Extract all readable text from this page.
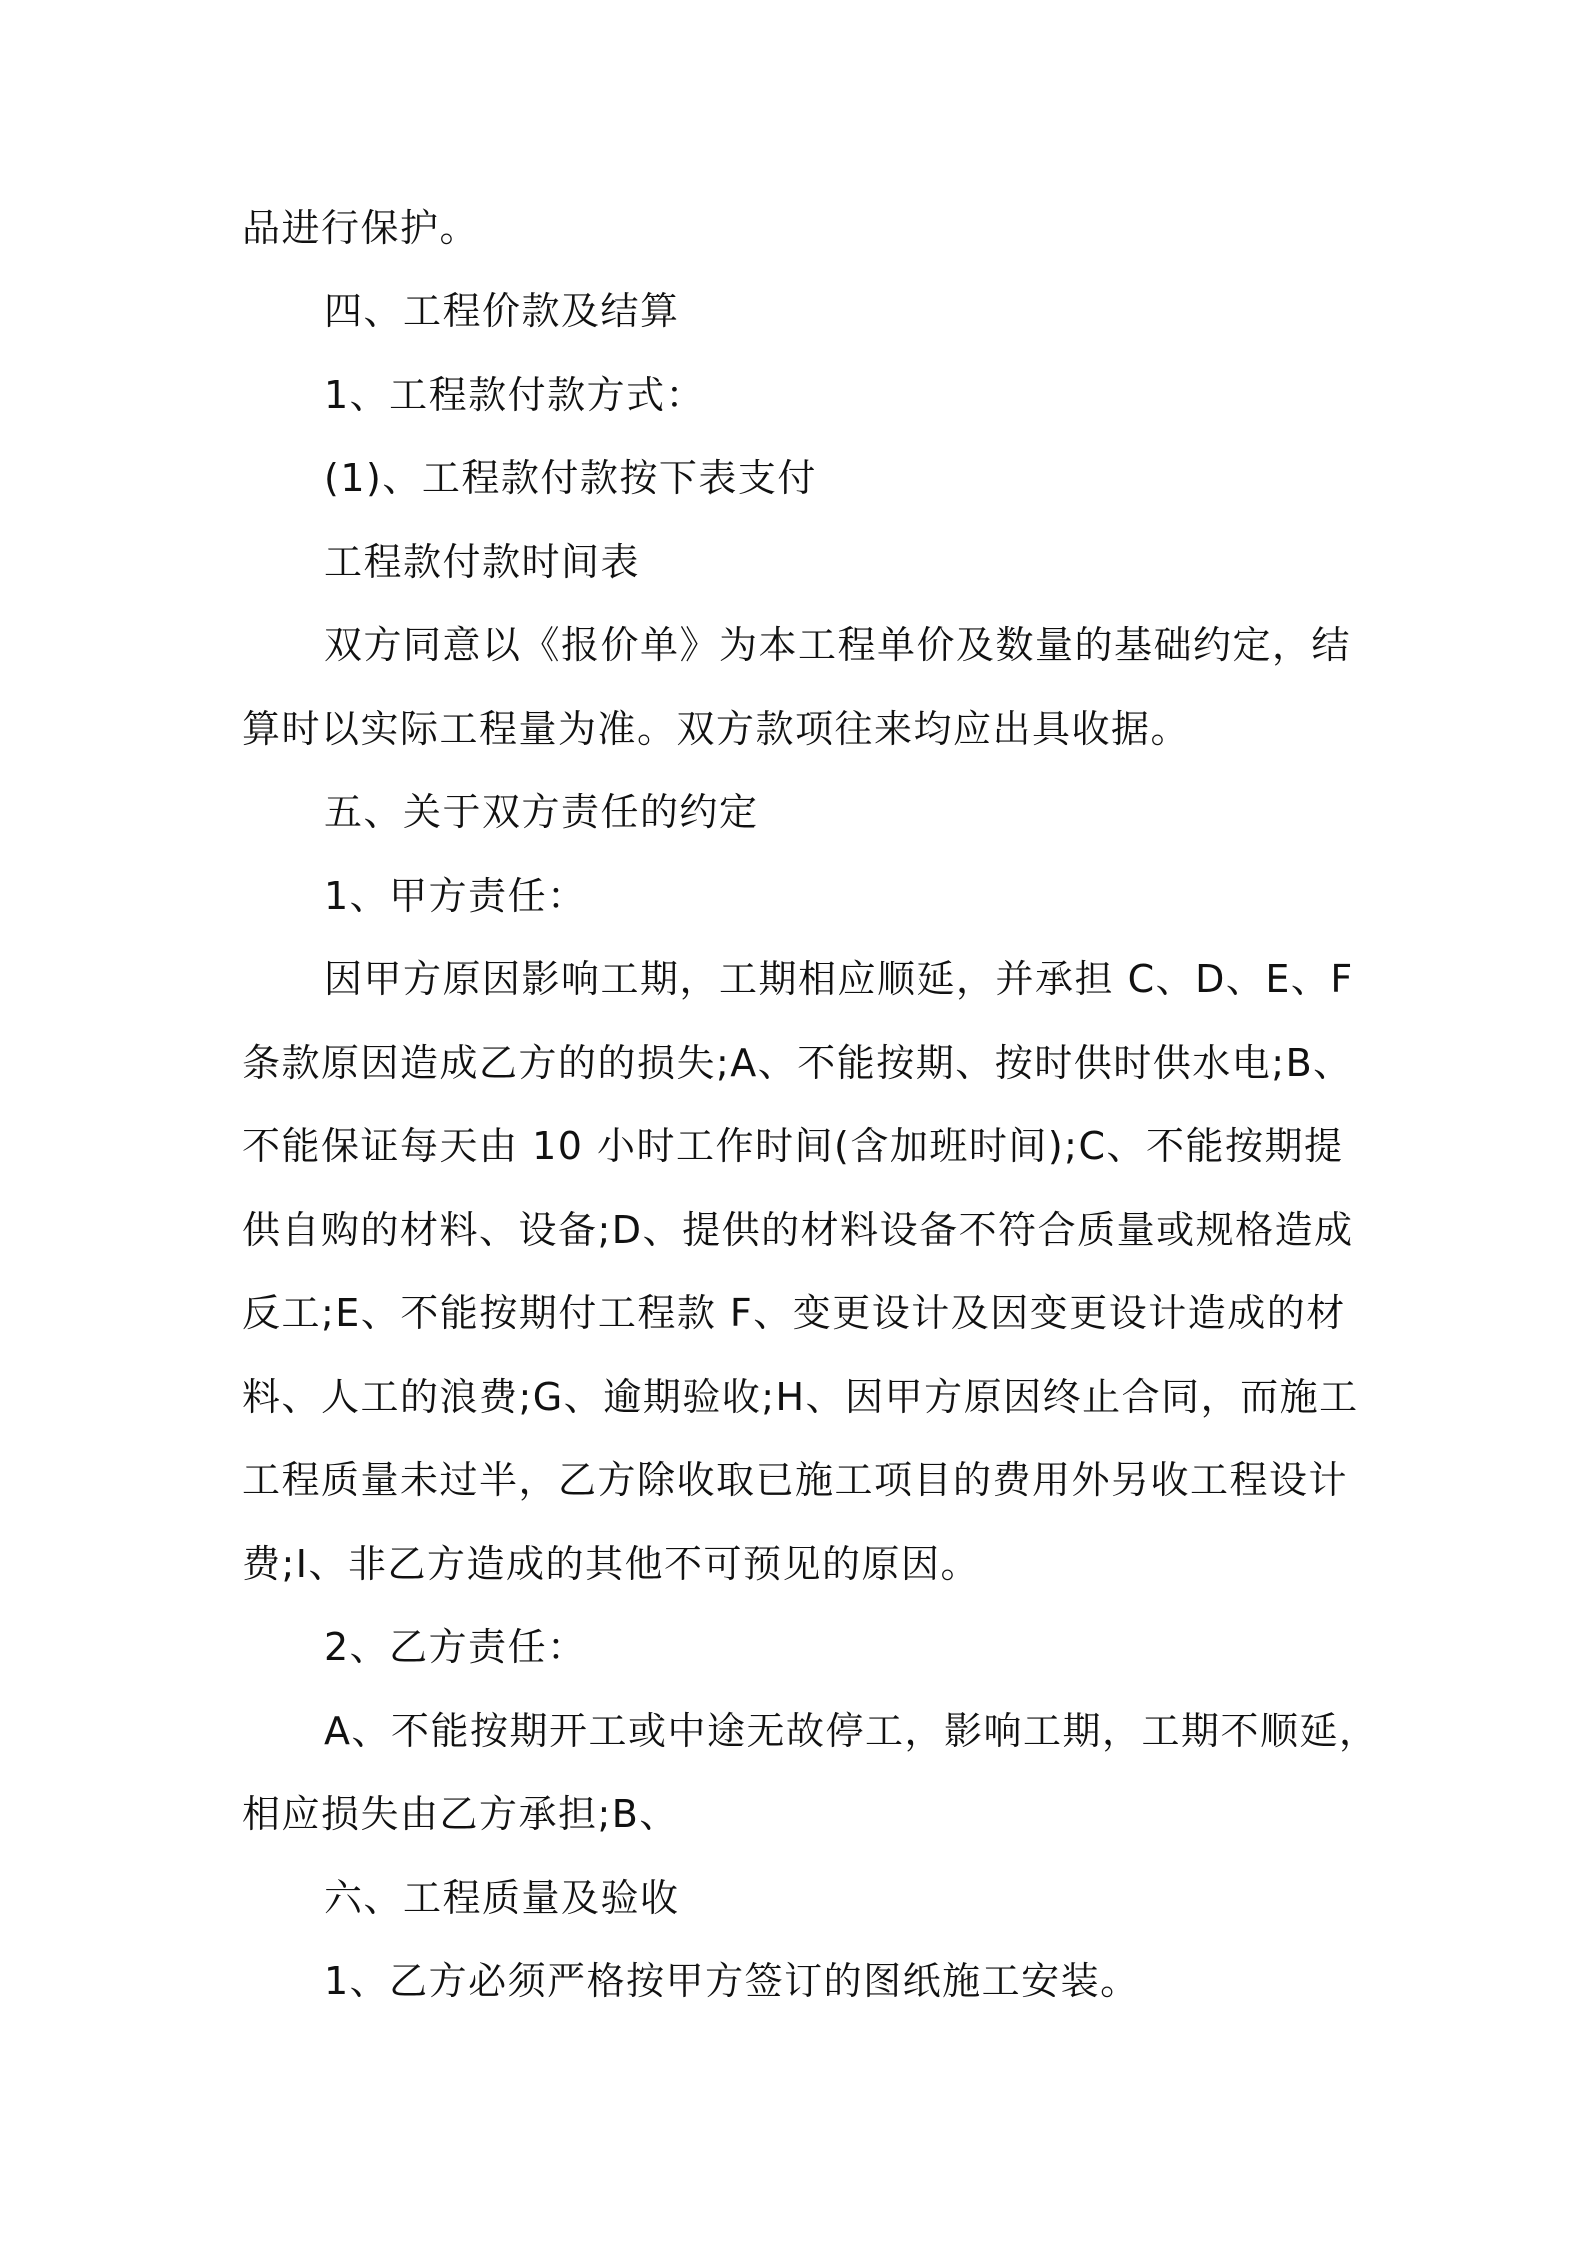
品进行保护。
四、工程价款及结算
1、工程款付款方式：
(1)、工程款付款按下表支付
工程款付款时间表
双方同意以《报价单》为本工程单价及数量的基础约定，结
算时以实际工程量为准。双方款项往来均应出具收据。
五、关于双方责任的约定
1、甲方责任：
因甲方原因影响工期，工期相应顺延，并承担 C、D、E、F
条款原因造成乙方的的损失;A、不能按期、按时供时供水电;B、
不能保证每天由 10 小时工作时间(含加班时间);C、不能按期提
供自购的材料、设备;D、提供的材料设备不符合质量或规格造成
反工;E、不能按期付工程款 F、变更设计及因变更设计造成的材
料、人工的浪费;G、逾期验收;H、因甲方原因终止合同，而施工
工程质量未过半，乙方除收取已施工项目的费用外另收工程设计
费;I、非乙方造成的其他不可预见的原因。
2、乙方责任：
A、不能按期开工或中途无故停工，影响工期，工期不顺延，
相应损失由乙方承担;B、
六、工程质量及验收
1、乙方必须严格按甲方签订的图纸施工安装。
